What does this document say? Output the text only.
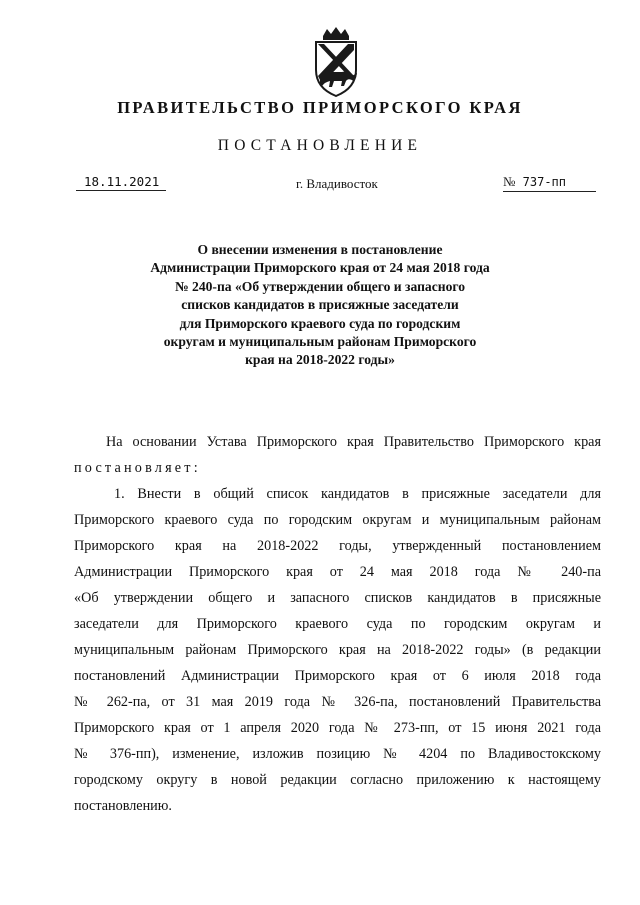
ПРАВИТЕЛЬСТВО ПРИМОРСКОГО КРАЯ
ПОСТАНОВЛЕНИЕ
18.11.2021	г. Владивосток	№ 737-пп
О внесении изменения в постановление
Администрации Приморского края от 24 мая 2018 года
№ 240-па «Об утверждении общего и запасного
списков кандидатов в присяжные заседатели
для Приморского краевого суда по городским
округам и муниципальным районам Приморского
края на 2018-2022 годы»
На основании Устава Приморского края Правительство Приморского края
постановляет:
1. Внести в общий список кандидатов в присяжные заседатели для
Приморского краевого суда по городским округам и муниципальным районам
Приморского края на 2018-2022 годы, утвержденный постановлением
Администрации Приморского края от 24 мая 2018 года № 240-па
«Об утверждении общего и запасного списков кандидатов в присяжные
заседатели для Приморского краевого суда по городским округам и
муниципальным районам Приморского края на 2018-2022 годы» (в редакции
постановлений Администрации Приморского края от 6 июля 2018 года
№ 262-па, от 31 мая 2019 года № 326-па, постановлений Правительства
Приморского края от 1 апреля 2020 года № 273-пп, от 15 июня 2021 года
№ 376-пп), изменение, изложив позицию № 4204 по Владивостокскому
городскому округу в новой редакции согласно приложению к настоящему
постановлению.
